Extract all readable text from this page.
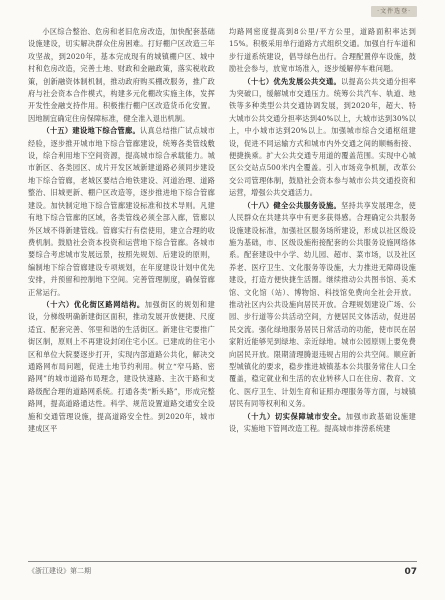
·文件选登·

小区综合整治、危房和老旧危房改造，加快配套基础设施建设，切实解决群众住房困难。打好棚户区改造三年攻坚战，到2020年，基本完成现有的城镇棚户区、城中村和危房改造，完善土地、财政和金融政策，落实税收政策，创新融资体制机制，推动政府购买棚改服务，推广政府与社会资本合作模式，构建多元化棚改实施主体，发挥开发性金融支持作用。积极推行棚户区改造货币化安置。因地制宜确定住房保障标准，健全准入退出机制。

（十五）建设地下综合管廊。认真总结推广试点城市经验，逐步推开城市地下综合管廊建设，统筹各类管线敷设，综合利用地下空间资源，提高城市综合承载能力。城市新区、各类园区、成片开发区域新建道路必须同步建设地下综合管廊，老城区要结合地铁建设、河道治理、道路整治、旧城更新、棚户区改造等，逐步推进地下综合管廊建设。加快制定地下综合管廊建设标准和技术导则。凡建有地下综合管廊的区域，各类管线必须全部入廊，管廊以外区域不得新建管线。管廊实行有偿使用，建立合理的收费机制。鼓励社会资本投资和运营地下综合管廊。各城市要综合考虑城市发展远景，按照先规划、后建设的原则，编制地下综合管廊建设专项规划，在年度建设计划中优先安排，并预留和控制地下空间。完善管理制度，确保管廊正常运行。

（十六）优化街区路网结构。加强街区的规划和建设，分梯级明确新建街区面积，推动发展开放便捷、尺度适宜、配套完善、邻里和谐的生活街区。新建住宅要推广街区制，原则上不再建设封闭住宅小区。已建成的住宅小区和单位大院要逐步打开，实现内部道路公共化，解决交通路网布局问题，促进土地节约利用。树立“窄马路、密路网”的城市道路布局理念，建设快速路、主次干路和支路级配合理的道路网系统。打通各类“断头路”，形成完整路网，提高道路通达性。科学、规范设置道路交通安全设施和交通管理设施，提高道路安全性。到2020年，城市建成区平

均路网密度提高到8公里/平方公里，道路面积率达到15%。积极采用单行道路方式组织交通。加强自行车道和步行道系统建设，倡导绿色出行。合理配置停车设施，鼓励社会参与，放宽市场准入，逐步缓解停车难问题。

（十七）优先发展公共交通。以提高公共交通分担率为突破口，缓解城市交通压力。统筹公共汽车、轨道、地铁等多种类型公共交通协调发展，到2020年，超大、特大城市公共交通分担率达到40%以上，大城市达到30%以上，中小城市达到20%以上。加强城市综合交通枢纽建设，促进不同运输方式和城市内外交通之间的顺畅衔接、便捷换乘。扩大公共交通专用道的覆盖范围。实现中心城区公交站点500米内全覆盖。引入市场竞争机制，改革公交公司管理体制，鼓励社会资本参与城市公共交通投资和运营，增强公共交通活力。

（十八）健全公共服务设施。坚持共享发展理念，使人民群众在共建共享中有更多获得感。合理确定公共服务设施建设标准，加强社区服务场所建设，形成以社区级设施为基础，市、区级设施衔接配套的公共服务设施网络体系。配套建设中小学、幼儿园、超市、菜市场，以及社区养老、医疗卫生、文化服务等设施，大力推进无障碍设施建设，打造方便快捷生活圈。继续推动公共图书馆、美术馆、文化馆（站）、博物馆、科技馆免费向全社会开放。推动社区内公共设施向居民开放。合理规划建设广场、公园、步行道等公共活动空间，方便居民文体活动，促进居民交流。强化绿地服务居民日常活动的功能，使市民在居家附近能够见到绿地、亲近绿地。城市公园原则上要免费向居民开放。限期清理腾退违规占用的公共空间。顺应新型城镇化的要求，稳步推进城镇基本公共服务常住人口全覆盖，稳定就业和生活的农业转移人口在住房、教育、文化、医疗卫生、计划生育和证照办理服务等方面，与城镇居民有同等权利和义务。

（十九）切实保障城市安全。加强市政基础设施建设，实施地下管网改造工程。提高城市排涝系统建

《浙江建设》第二期	07
